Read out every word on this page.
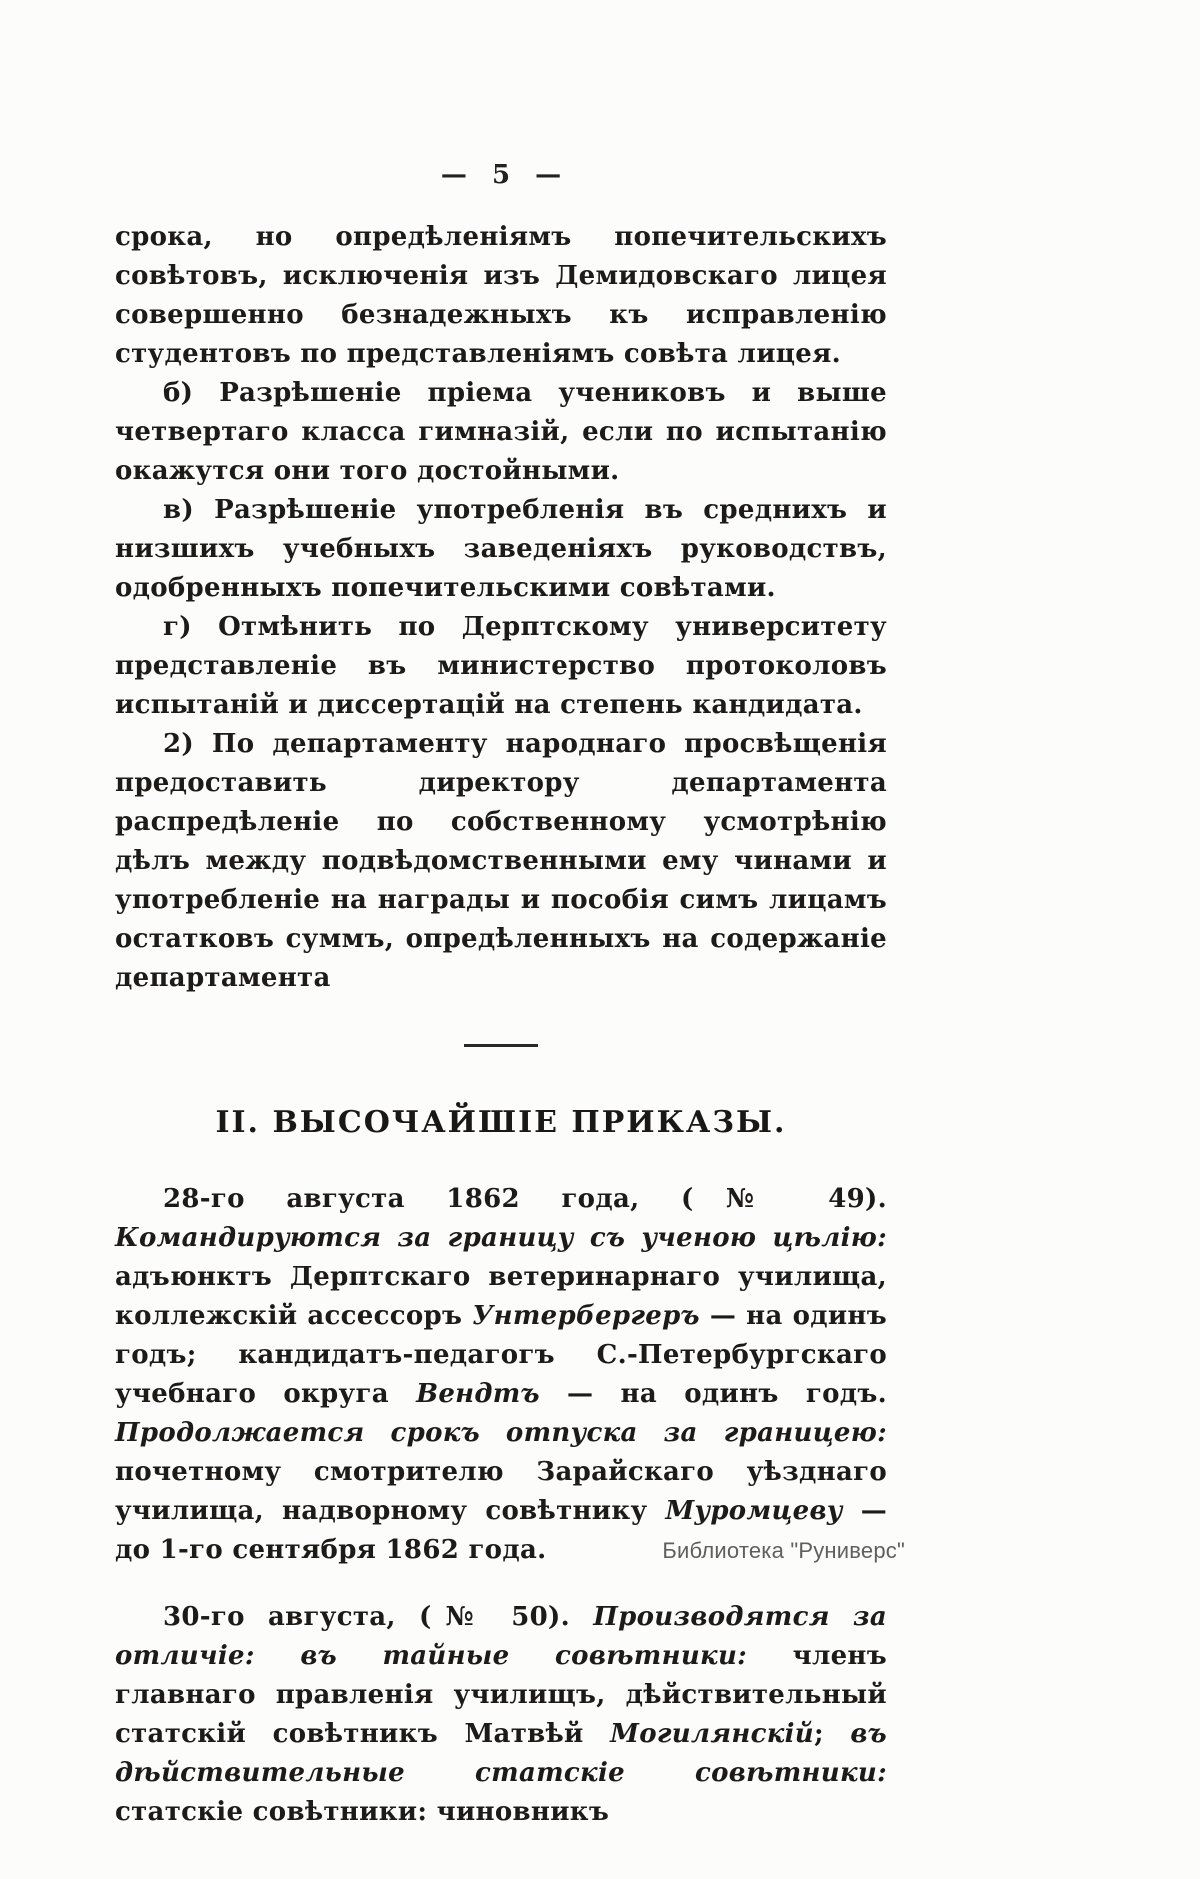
— 5 —

срока, но опредѣленіямъ попечительскихъ совѣтовъ, исключенія изъ Демидовскаго лицея совершенно безнадежныхъ къ исправленію студентовъ по представленіямъ совѣта лицея.

б) Разрѣшеніе пріема учениковъ и выше четвертаго класса гимназій, если по испытанію окажутся они того достойными.

в) Разрѣшеніе употребленія въ среднихъ и низшихъ учебныхъ заведеніяхъ руководствъ, одобренныхъ попечительскими совѣтами.

г) Отмѣнить по Дерптскому университету представленіе въ министерство протоколовъ испытаній и диссертацій на степень кандидата.

2) По департаменту народнаго просвѣщенія предоставить директору департамента распредѣленіе по собственному усмотрѣнію дѣлъ между подвѣдомственными ему чинами и употребленіе на награды и пособія симъ лицамъ остатковъ суммъ, опредѣленныхъ на содержаніе департамента

II. ВЫСОЧАЙШІЕ ПРИКАЗЫ.

28-го августа 1862 года, (№ 49). Командируются за границу съ ученою цѣлію: адъюнктъ Дерптскаго ветеринарнаго училища, коллежскій ассессоръ Унтербергеръ — на одинъ годъ; кандидатъ-педагогъ С.-Петербургскаго учебнаго округа Вендтъ — на одинъ годъ. Продолжается срокъ отпуска за границею: почетному смотрителю Зарайскаго уѣзднаго училища, надворному совѣтнику Муромцеву — до 1-го сентября 1862 года.

30-го августа, (№ 50). Производятся за отличіе: въ тайные совѣтники: членъ главнаго правленія училищъ, дѣйствительный статскій совѣтникъ Матвѣй Могилянскій; въ дѣйствительные статскіе совѣтники: статскіе совѣтники: чиновникъ

Библиотека "Руниверс"
